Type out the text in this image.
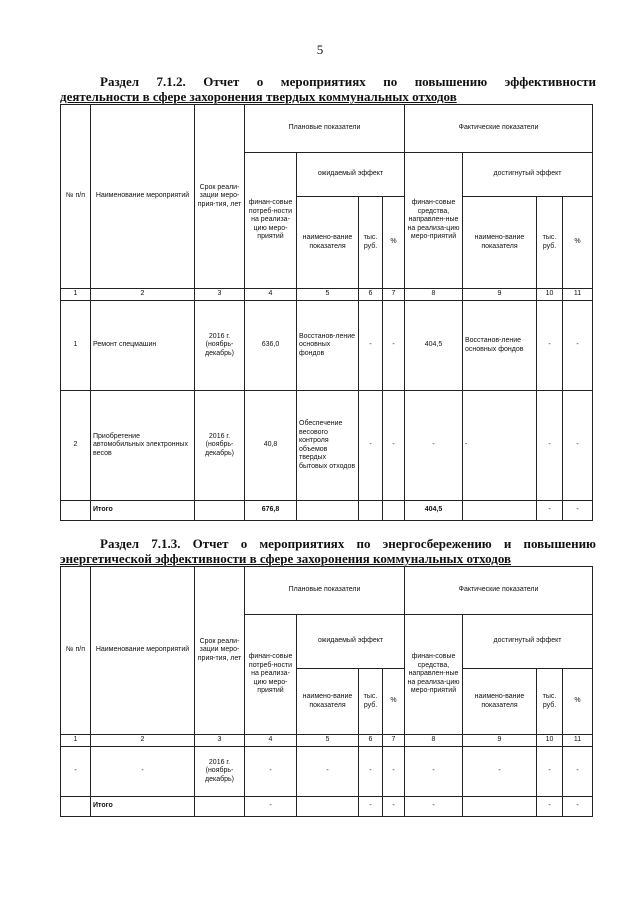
5
Раздел 7.1.2. Отчет о мероприятиях по повышению эффективности
деятельности в сфере захоронения твердых коммунальных отходов
№ п/п	Наименование мероприятий	Срок реали-зации меро-прия-тия, лет	Плановые показатели				Фактические показатели			
			финан-совые потреб-ности на реализа-цию меро-приятий	ожидаемый эффект			финан-совые средства, направлен-ные на реализа-цию меро-приятий	достигнутый эффект		
				наимено-вание показателя	тыс. руб.	%		наимено-вание показателя	тыс. руб.	%
1	2	3	4	5	6	7	8	9	10	11
1	Ремонт спецмашин	2016 г. (ноябрь-декабрь)	636,0	Восстанов-ление основных фондов	-	-	404,5	Восстанов-ление основных фондов	-	-
2	Приобретение автомобильных электронных весов	2016 г. (ноябрь-декабрь)	40,8	Обеспечение весового контроля объемов твердых бытовых отходов	-	-	-	-	-	-
	Итого		676,8				404,5		-	-
Раздел 7.1.3. Отчет о мероприятиях по энергосбережению и повышению
энергетической эффективности в сфере захоронения коммунальных отходов
№ п/п	Наименование мероприятий	Срок реали-зации меро-прия-тия, лет	Плановые показатели				Фактические показатели			
			финан-совые потреб-ности на реализа-цию меро-приятий	ожидаемый эффект			финан-совые средства, направлен-ные на реализа-цию меро-приятий	достигнутый эффект		
				наимено-вание показателя	тыс. руб.	%		наимено-вание показателя	тыс. руб.	%
1	2	3	4	5	6	7	8	9	10	11
-	-	2016 г. (ноябрь-декабрь)	-	-	-	-	-	-	-	-
	Итого		-		-	-	-		-	-
